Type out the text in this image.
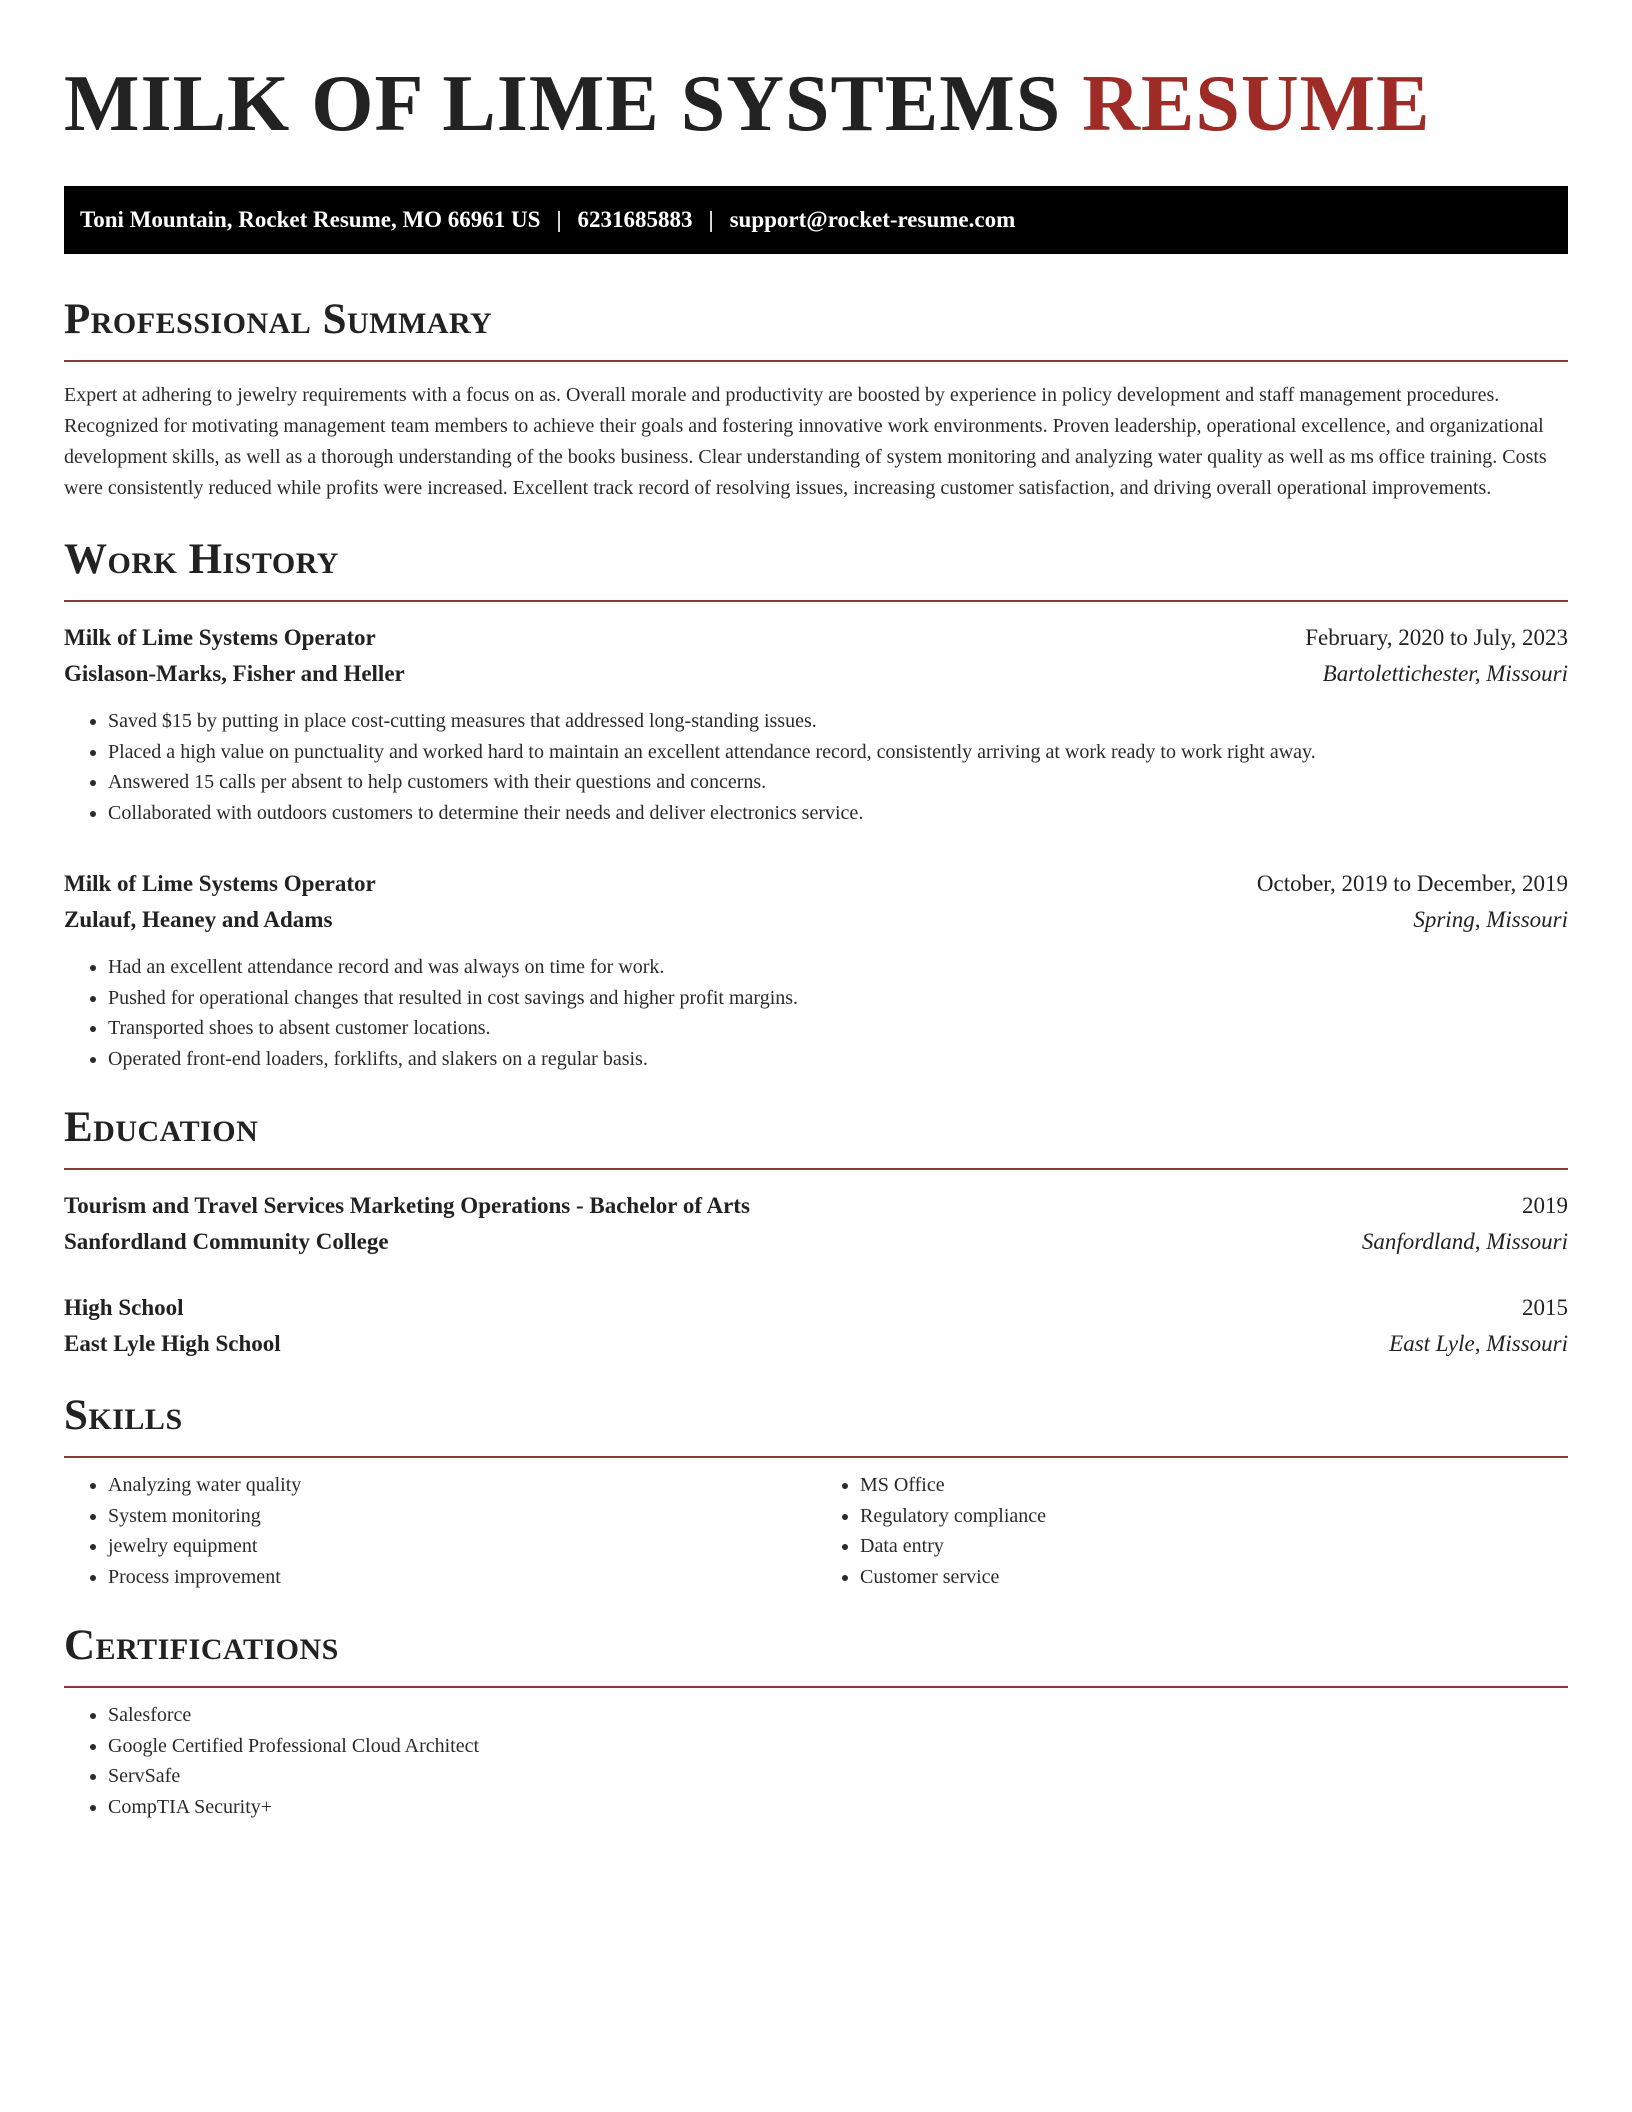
MILK OF LIME SYSTEMS RESUME
Toni Mountain, Rocket Resume, MO 66961 US | 6231685883 | support@rocket-resume.com
Professional Summary

Expert at adhering to jewelry requirements with a focus on as. Overall morale and productivity are boosted by experience in policy development and staff management procedures. Recognized for motivating management team members to achieve their goals and fostering innovative work environments. Proven leadership, operational excellence, and organizational development skills, as well as a thorough understanding of the books business. Clear understanding of system monitoring and analyzing water quality as well as ms office training. Costs were consistently reduced while profits were increased. Excellent track record of resolving issues, increasing customer satisfaction, and driving overall operational improvements.

Work History
Milk of Lime Systems Operator	February, 2020 to July, 2023
Gislason-Marks, Fisher and Heller	Bartolettichester, Missouri
• Saved $15 by putting in place cost-cutting measures that addressed long-standing issues.
• Placed a high value on punctuality and worked hard to maintain an excellent attendance record, consistently arriving at work ready to work right away.
• Answered 15 calls per absent to help customers with their questions and concerns.
• Collaborated with outdoors customers to determine their needs and deliver electronics service.
Milk of Lime Systems Operator	October, 2019 to December, 2019
Zulauf, Heaney and Adams	Spring, Missouri
• Had an excellent attendance record and was always on time for work.
• Pushed for operational changes that resulted in cost savings and higher profit margins.
• Transported shoes to absent customer locations.
• Operated front-end loaders, forklifts, and slakers on a regular basis.
Education
Tourism and Travel Services Marketing Operations - Bachelor of Arts	2019
Sanfordland Community College	Sanfordland, Missouri
High School	2015
East Lyle High School	East Lyle, Missouri
Skills
• Analyzing water quality
• System monitoring
• jewelry equipment
• Process improvement
• MS Office
• Regulatory compliance
• Data entry
• Customer service
Certifications
• Salesforce
• Google Certified Professional Cloud Architect
• ServSafe
• CompTIA Security+
